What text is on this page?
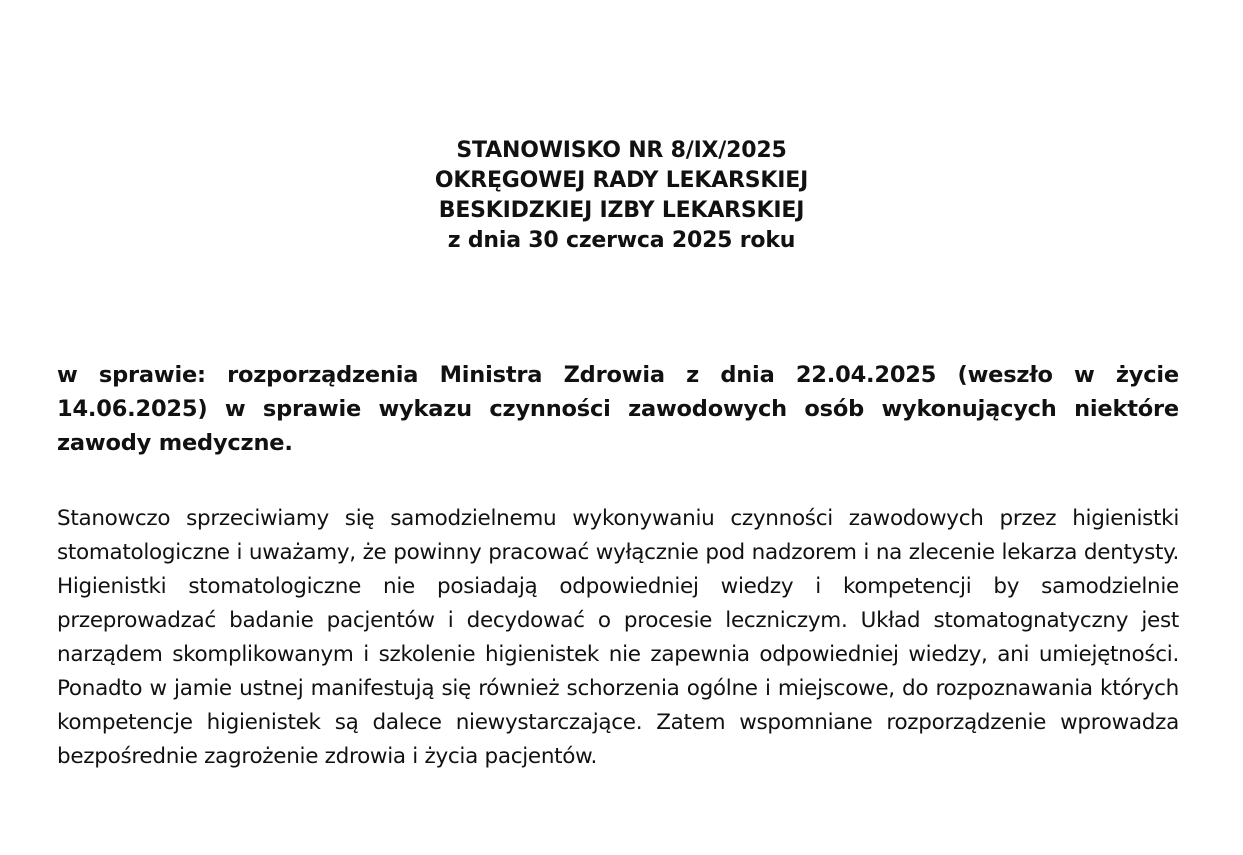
STANOWISKO NR 8/IX/2025
OKRĘGOWEJ RADY LEKARSKIEJ
BESKIDZKIEJ IZBY LEKARSKIEJ
z dnia 30 czerwca 2025 roku
w sprawie: rozporządzenia Ministra Zdrowia z dnia 22.04.2025 (weszło w życie 14.06.2025) w sprawie wykazu czynności zawodowych osób wykonujących niektóre zawody medyczne.
Stanowczo sprzeciwiamy się samodzielnemu wykonywaniu czynności zawodowych przez higienistki stomatologiczne i uważamy, że powinny pracować wyłącznie pod nadzorem i na zlecenie lekarza dentysty. Higienistki stomatologiczne nie posiadają odpowiedniej wiedzy i kompetencji by samodzielnie przeprowadzać badanie pacjentów i decydować o procesie leczniczym. Układ stomatognatyczny jest narządem skomplikowanym i szkolenie higienistek nie zapewnia odpowiedniej wiedzy, ani umiejętności. Ponadto w jamie ustnej manifestują się również schorzenia ogólne i miejscowe, do rozpoznawania których kompetencje higienistek są dalece niewystarczające. Zatem wspomniane rozporządzenie wprowadza bezpośrednie zagrożenie zdrowia i życia pacjentów.
